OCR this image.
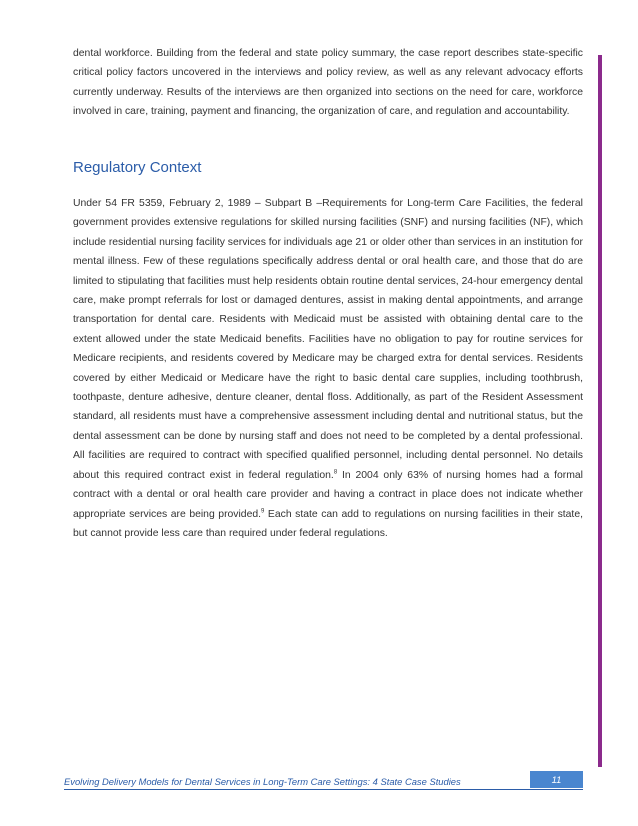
dental workforce. Building from the federal and state policy summary, the case report describes state-specific critical policy factors uncovered in the interviews and policy review, as well as any relevant advocacy efforts currently underway. Results of the interviews are then organized into sections on the need for care, workforce involved in care, training, payment and financing, the organization of care, and regulation and accountability.

Regulatory Context

Under 54 FR 5359, February 2, 1989 – Subpart B –Requirements for Long-term Care Facilities, the federal government provides extensive regulations for skilled nursing facilities (SNF) and nursing facilities (NF), which include residential nursing facility services for individuals age 21 or older other than services in an institution for mental illness. Few of these regulations specifically address dental or oral health care, and those that do are limited to stipulating that facilities must help residents obtain routine dental services, 24-hour emergency dental care, make prompt referrals for lost or damaged dentures, assist in making dental appointments, and arrange transportation for dental care. Residents with Medicaid must be assisted with obtaining dental care to the extent allowed under the state Medicaid benefits. Facilities have no obligation to pay for routine services for Medicare recipients, and residents covered by Medicare may be charged extra for dental services. Residents covered by either Medicaid or Medicare have the right to basic dental care supplies, including toothbrush, toothpaste, denture adhesive, denture cleaner, dental floss. Additionally, as part of the Resident Assessment standard, all residents must have a comprehensive assessment including dental and nutritional status, but the dental assessment can be done by nursing staff and does not need to be completed by a dental professional. All facilities are required to contract with specified qualified personnel, including dental personnel. No details about this required contract exist in federal regulation.$^8$ In 2004 only 63% of nursing homes had a formal contract with a dental or oral health care provider and having a contract in place does not indicate whether appropriate services are being provided.$^9$ Each state can add to regulations on nursing facilities in their state, but cannot provide less care than required under federal regulations.

Evolving Delivery Models for Dental Services in Long-Term Care Settings: 4 State Case Studies	11
